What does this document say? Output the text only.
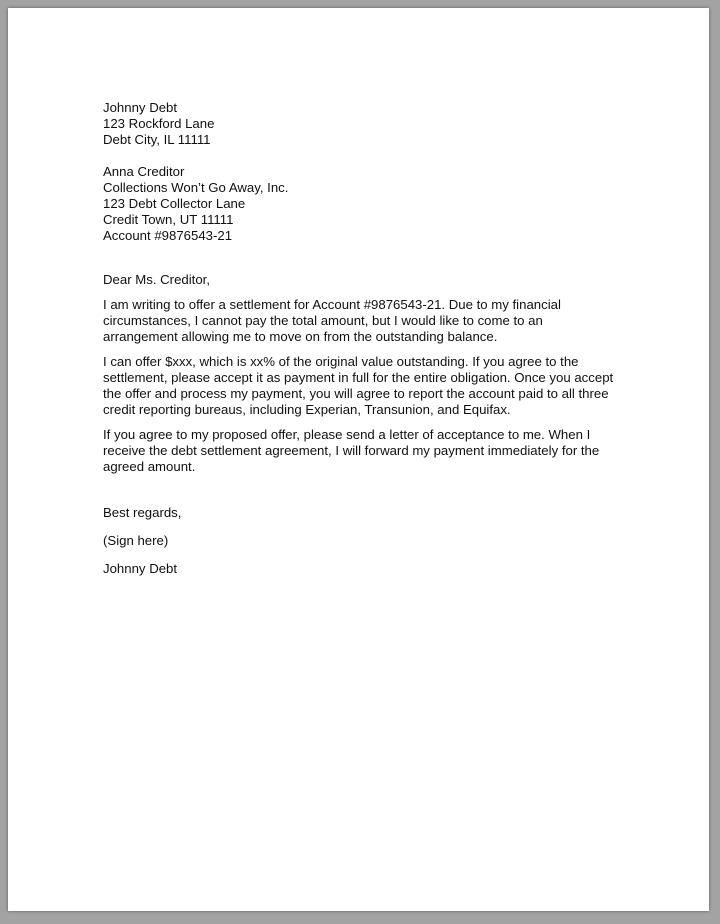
Johnny Debt
123 Rockford Lane
Debt City, IL 11111
Anna Creditor
Collections Won’t Go Away, Inc.
123 Debt Collector Lane
Credit Town, UT 11111
Account #9876543-21

Dear Ms. Creditor,

I am writing to offer a settlement for Account #9876543-21. Due to my financial
circumstances, I cannot pay the total amount, but I would like to come to an
arrangement allowing me to move on from the outstanding balance.
I can offer $xxx, which is xx% of the original value outstanding. If you agree to the
settlement, please accept it as payment in full for the entire obligation. Once you accept
the offer and process my payment, you will agree to report the account paid to all three
credit reporting bureaus, including Experian, Transunion, and Equifax.
If you agree to my proposed offer, please send a letter of acceptance to me. When I
receive the debt settlement agreement, I will forward my payment immediately for the
agreed amount.
Best regards,
(Sign here)
Johnny Debt
